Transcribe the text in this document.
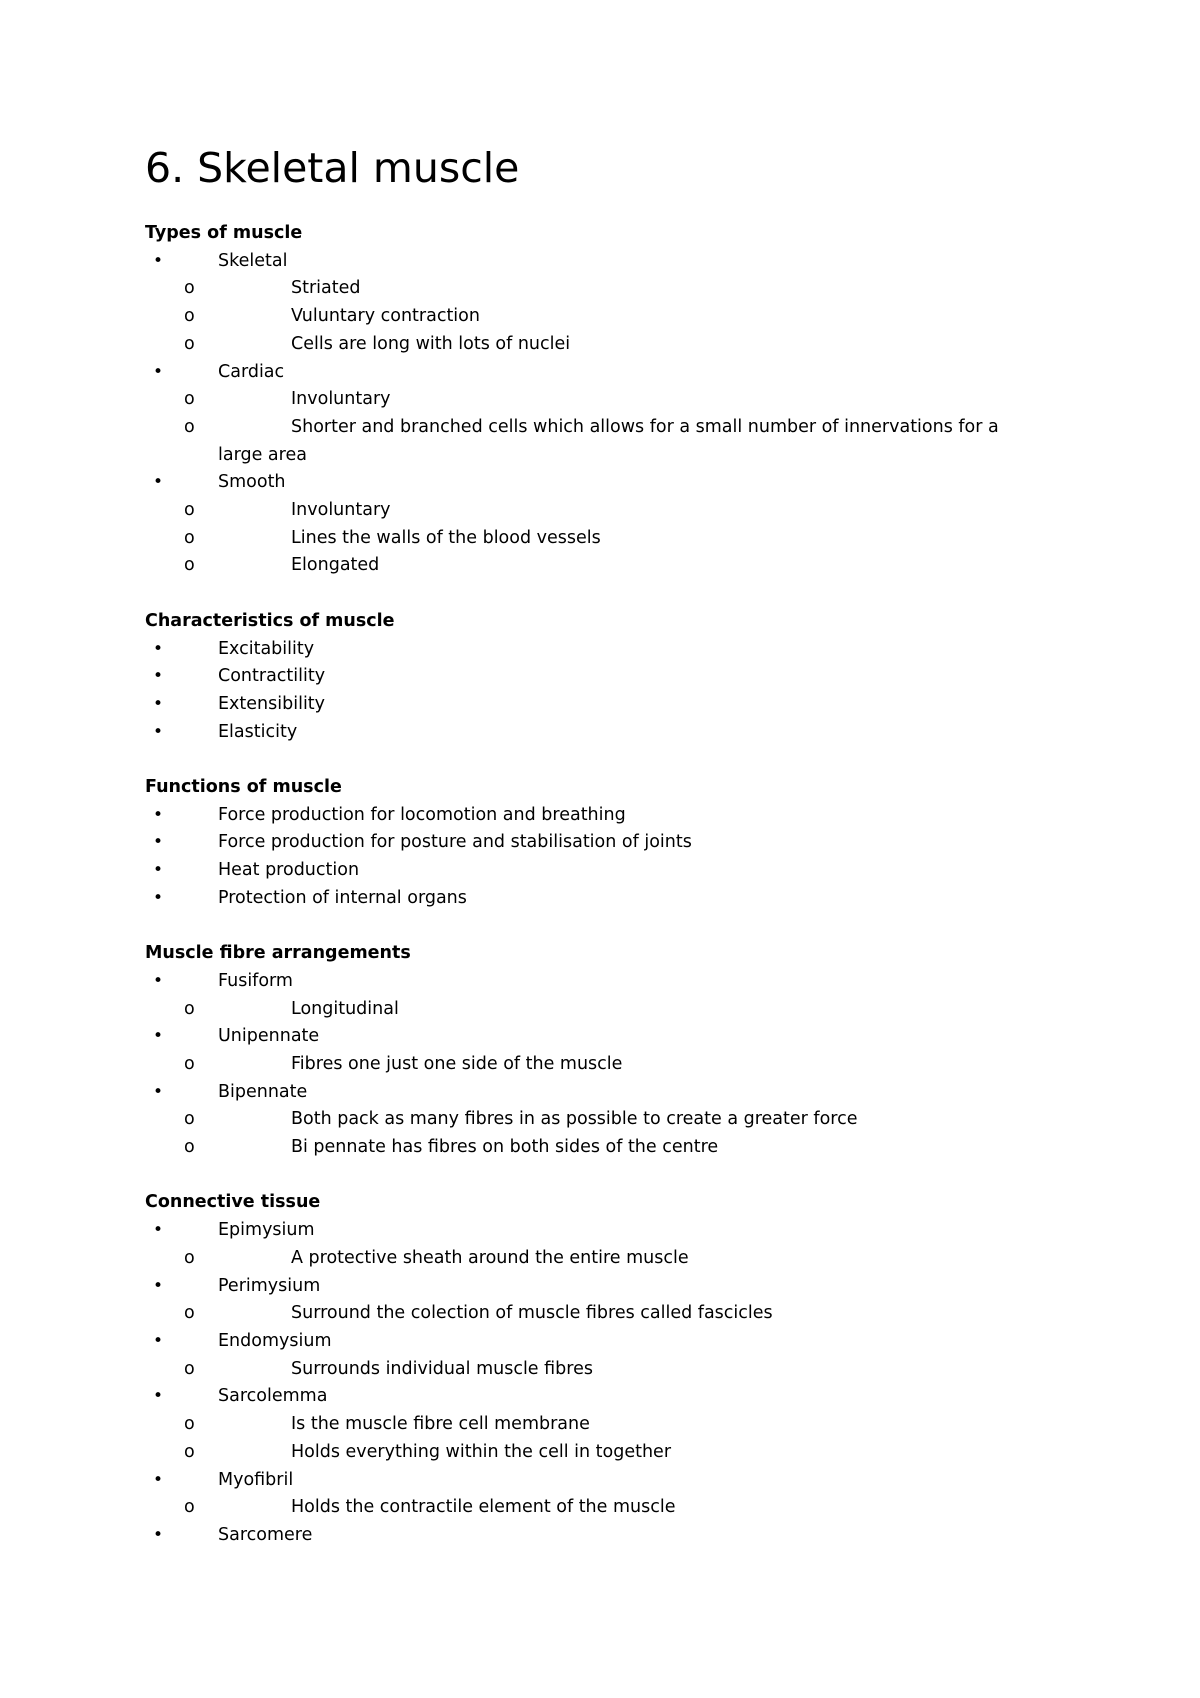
6. Skeletal muscle
Types of muscle
•	Skeletal
o	Striated
o	Vuluntary contraction
o	Cells are long with lots of nuclei
•	Cardiac
o	Involuntary
o	Shorter and branched cells which allows for a small number of innervations for a large area
•	Smooth
o	Involuntary
o	Lines the walls of the blood vessels
o	Elongated
Characteristics of muscle
•	Excitability
•	Contractility
•	Extensibility
•	Elasticity
Functions of muscle
•	Force production for locomotion and breathing
•	Force production for posture and stabilisation of joints
•	Heat production
•	Protection of internal organs
Muscle fibre arrangements
•	Fusiform
o	Longitudinal
•	Unipennate
o	Fibres one just one side of the muscle
•	Bipennate
o	Both pack as many fibres in as possible to create a greater force
o	Bi pennate has fibres on both sides of the centre
Connective tissue
•	Epimysium
o	A protective sheath around the entire muscle
•	Perimysium
o	Surround the colection of muscle fibres called fascicles
•	Endomysium
o	Surrounds individual muscle fibres
•	Sarcolemma
o	Is the muscle fibre cell membrane
o	Holds everything within the cell in together
•	Myofibril
o	Holds the contractile element of the muscle
•	Sarcomere
